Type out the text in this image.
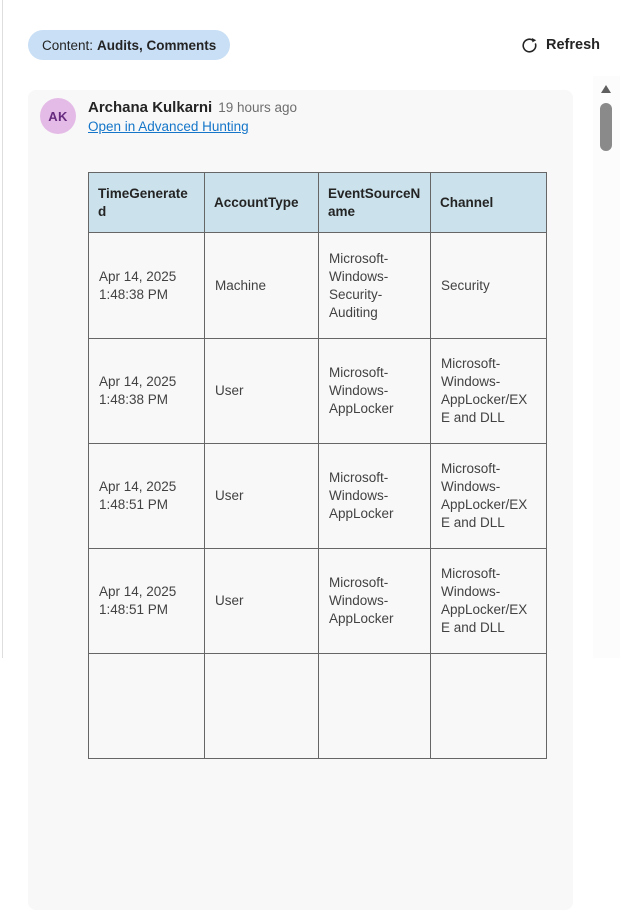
Content: Audits, Comments	Refresh
AK	Archana Kulkarni 19 hours ago
Open in Advanced Hunting
TimeGenerated	AccountType	EventSourceName	Channel
Apr 14, 2025 1:48:38 PM	Machine	Microsoft-Windows-Security-Auditing	Security
Apr 14, 2025 1:48:38 PM	User	Microsoft-Windows-AppLocker	Microsoft-Windows-AppLocker/EXE and DLL
Apr 14, 2025 1:48:51 PM	User	Microsoft-Windows-AppLocker	Microsoft-Windows-AppLocker/EXE and DLL
Apr 14, 2025 1:48:51 PM	User	Microsoft-Windows-AppLocker	Microsoft-Windows-AppLocker/EXE and DLL
